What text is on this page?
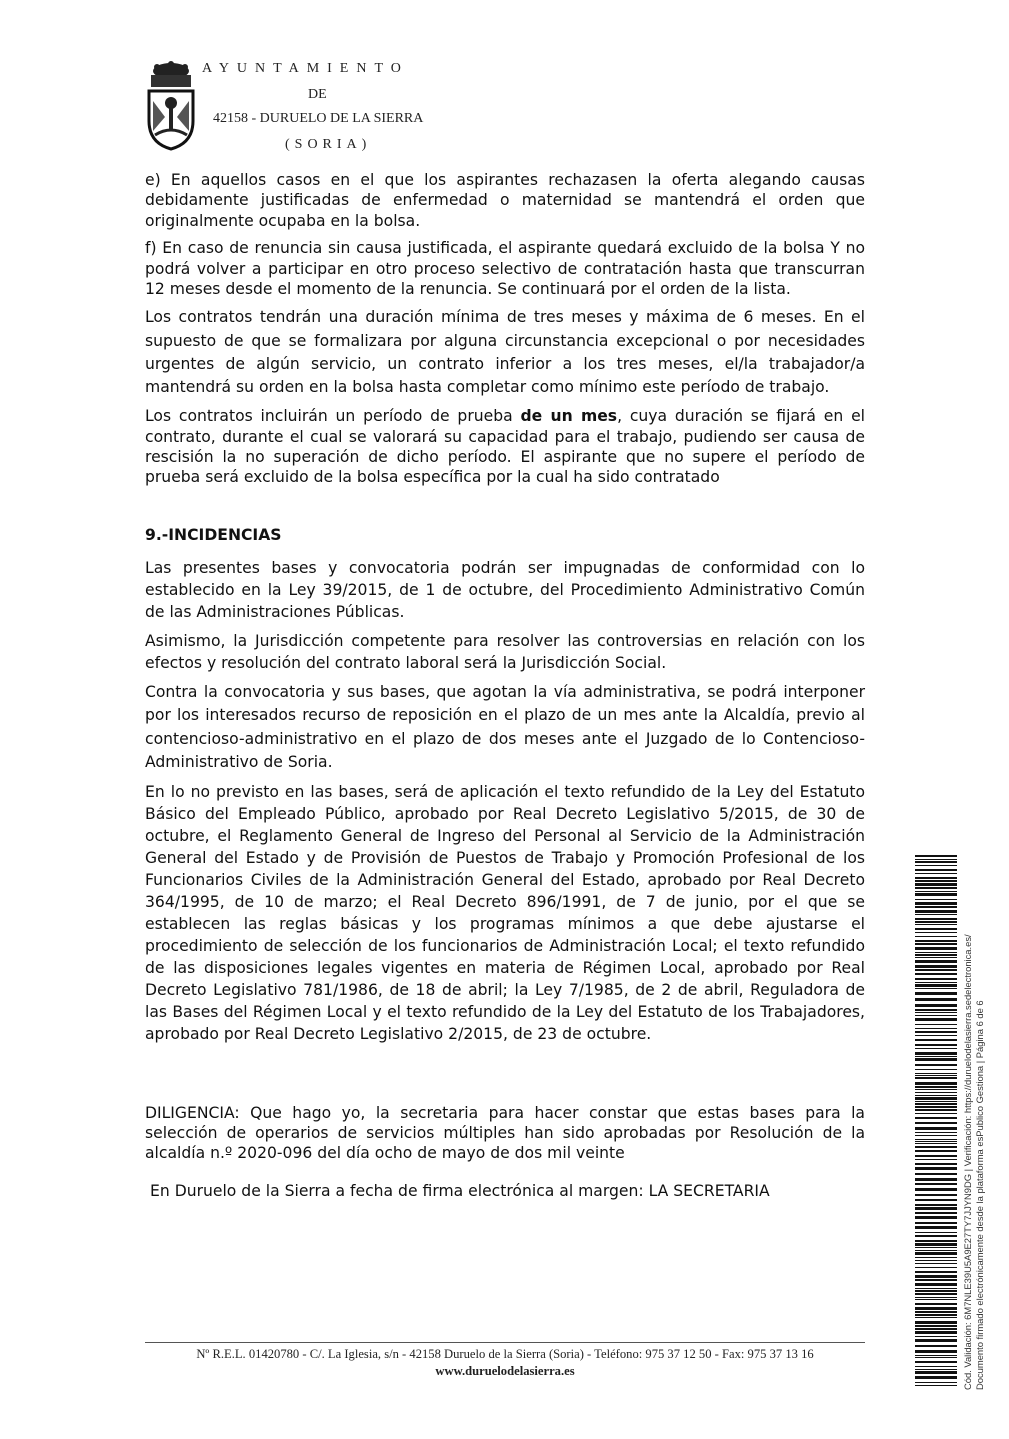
AYUNTAMIENTO
DE
42158 - DURUELO DE LA SIERRA
(SORIA)

e) En aquellos casos en el que los aspirantes rechazasen la oferta alegando causas debidamente justificadas de enfermedad o maternidad se mantendrá el orden que originalmente ocupaba en la bolsa.

f) En caso de renuncia sin causa justificada, el aspirante quedará excluido de la bolsa Y no podrá volver a participar en otro proceso selectivo de contratación hasta que transcurran 12 meses desde el momento de la renuncia. Se continuará por el orden de la lista.

Los contratos tendrán una duración mínima de tres meses y máxima de 6 meses. En el supuesto de que se formalizara por alguna circunstancia excepcional o por necesidades urgentes de algún servicio, un contrato inferior a los tres meses, el/la trabajador/a mantendrá su orden en la bolsa hasta completar como mínimo este período de trabajo.

Los contratos incluirán un período de prueba de un mes, cuya duración se fijará en el contrato, durante el cual se valorará su capacidad para el trabajo, pudiendo ser causa de rescisión la no superación de dicho período. El aspirante que no supere el período de prueba será excluido de la bolsa específica por la cual ha sido contratado

9.-INCIDENCIAS

Las presentes bases y convocatoria podrán ser impugnadas de conformidad con lo establecido en la Ley 39/2015, de 1 de octubre, del Procedimiento Administrativo Común de las Administraciones Públicas.

Asimismo, la Jurisdicción competente para resolver las controversias en relación con los efectos y resolución del contrato laboral será la Jurisdicción Social.

Contra la convocatoria y sus bases, que agotan la vía administrativa, se podrá interponer por los interesados recurso de reposición en el plazo de un mes ante la Alcaldía, previo al contencioso-administrativo en el plazo de dos meses ante el Juzgado de lo Contencioso-Administrativo de Soria.

En lo no previsto en las bases, será de aplicación el texto refundido de la Ley del Estatuto Básico del Empleado Público, aprobado por Real Decreto Legislativo 5/2015, de 30 de octubre, el Reglamento General de Ingreso del Personal al Servicio de la Administración General del Estado y de Provisión de Puestos de Trabajo y Promoción Profesional de los Funcionarios Civiles de la Administración General del Estado, aprobado por Real Decreto 364/1995, de 10 de marzo; el Real Decreto 896/1991, de 7 de junio, por el que se establecen las reglas básicas y los programas mínimos a que debe ajustarse el procedimiento de selección de los funcionarios de Administración Local; el texto refundido de las disposiciones legales vigentes en materia de Régimen Local, aprobado por Real Decreto Legislativo 781/1986, de 18 de abril; la Ley 7/1985, de 2 de abril, Reguladora de las Bases del Régimen Local y el texto refundido de la Ley del Estatuto de los Trabajadores, aprobado por Real Decreto Legislativo 2/2015, de 23 de octubre.

DILIGENCIA: Que hago yo, la secretaria para hacer constar que estas bases para la selección de operarios de servicios múltiples han sido aprobadas por Resolución de la alcaldía n.º 2020-096 del día ocho de mayo de dos mil veinte

En Duruelo de la Sierra a fecha de firma electrónica al margen: LA SECRETARIA

Nº R.E.L. 01420780 - C/. La Iglesia, s/n - 42158 Duruelo de la Sierra (Soria) - Teléfono: 975 37 12 50 - Fax: 975 37 13 16
www.duruelodelasierra.es	Cód. Validación: 6M7NLE39U5A9E27TY7JJYN9DG | Verificación: https://duruelodelasierra.sedelectronica.es/ Documento firmado electrónicamente desde la plataforma esPublico Gestiona | Página 6 de 6
